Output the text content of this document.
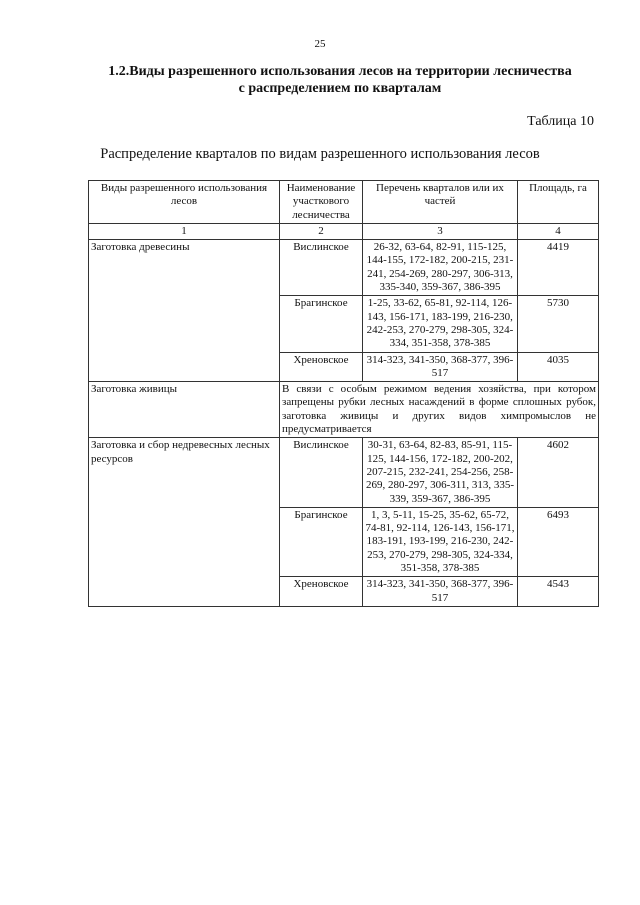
25
1.2.Виды разрешенного использования лесов на территории лесничества
с распределением по кварталам
Таблица 10
Распределение кварталов по видам разрешенного использования лесов
Виды разрешенного использования лесов	Наименование участкового лесничества	Перечень кварталов или их частей	Площадь, га
1	2	3	4
Заготовка древесины	Вислинское	26-32, 63-64, 82-91, 115-125, 144-155, 172-182, 200-215, 231-241, 254-269, 280-297, 306-313, 335-340, 359-367, 386-395	4419
	Брагинское	1-25, 33-62, 65-81, 92-114, 126-143, 156-171, 183-199, 216-230, 242-253, 270-279, 298-305, 324-334, 351-358, 378-385	5730
	Хреновское	314-323, 341-350, 368-377, 396-517	4035
Заготовка живицы	В связи с особым режимом ведения хозяйства, при котором запрещены рубки лесных насаждений в форме сплошных рубок, заготовка живицы и других видов химпромыслов не предусматривается		
Заготовка и сбор недревесных лесных ресурсов	Вислинское	30-31, 63-64, 82-83, 85-91, 115-125, 144-156, 172-182, 200-202, 207-215, 232-241, 254-256, 258-269, 280-297, 306-311, 313, 335-339, 359-367, 386-395	4602
	Брагинское	1, 3, 5-11, 15-25, 35-62, 65-72, 74-81, 92-114, 126-143, 156-171, 183-191, 193-199, 216-230, 242-253, 270-279, 298-305, 324-334, 351-358, 378-385	6493
	Хреновское	314-323, 341-350, 368-377, 396-517	4543
